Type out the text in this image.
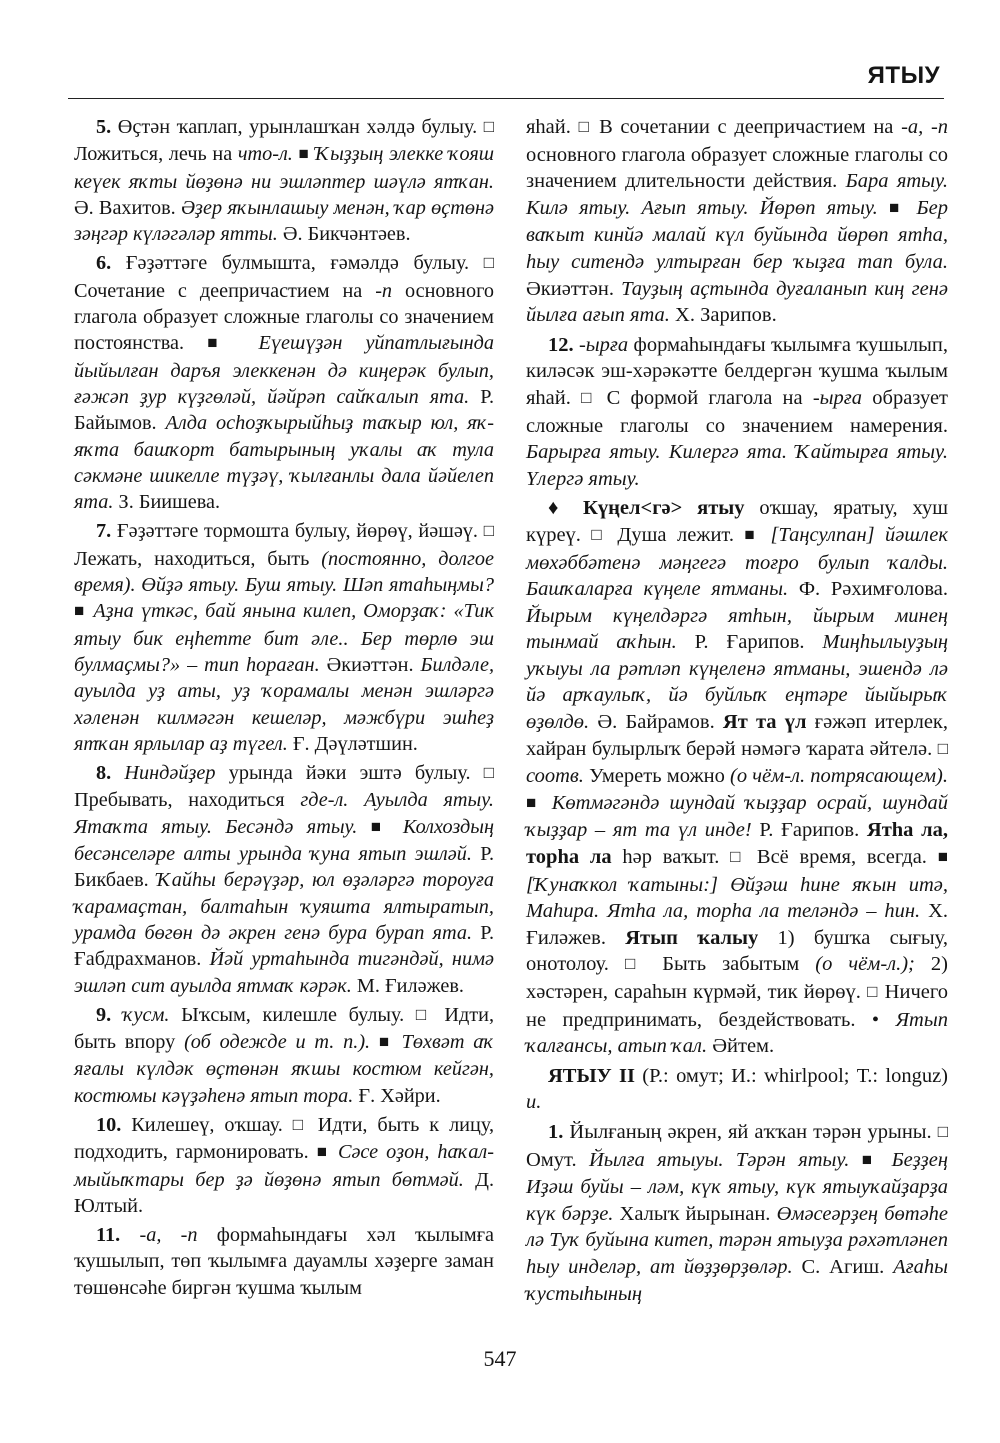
ЯТЫУ

5. Өҫтән ҡаплап, урынлашҡан хәлдә булыу. □ Ложиться, лечь на что-л. ■ Ҡыҙҙың элекке ҡояш кеүек яҡты йөҙөнә ни эшләптер шәүлә ятҡан. Ә. Вахитов. Әҙер яҡынлашыу менән, ҡар өҫтөнә зәңгәр күләгәләр ятты. Ә. Бикчәнтәев.

6. Ғәҙәттәге булмышта, ғәмәлдә булыу. □ Сочетание с деепричастием на -п основного глагола образует сложные глаголы со значением постоянства. ■ Еүешүҙән уйпатлығында йыйылған даръя элеккенән дә киңерәк булып, ғәжәп ҙур күҙгөләй, йәйрәп сайҡалып ята. Р. Байымов. Алда осһоҙҡырыйһыҙ таҡыр юл, яҡ-яҡта башҡорт батырының уҡалы аҡ тула сәкмәне шикелле түҙәү, ҡылғанлы дала йәйелеп ята. З. Биишева.

7. Ғәҙәттәге тормошта булыу, йөрөү, йәшәү. □ Лежать, находиться, быть (постоянно, долгое время). Өйҙә ятыу. Буш ятыу. Шәп ятаһыңмы? ■ Аҙна үткәс, бай янына килеп, Оморҙаҡ: «Тик ятыу бик еңһетте бит әле.. Бер төрлө эш булмаҫмы?» – тип һораған. Әкиәттән. Билдәле, ауылда уҙ аты, уҙ ҡорамалы менән эшләргә хәленән килмәгән кешеләр, мәжбүри эшһеҙ ятҡан ярлылар аҙ түгел. Ғ. Дәүләтшин.

8. Ниндәйҙер урында йәки эштә булыу. □ Пребывать, находиться где-л. Ауылда ятыу. Ятаҡта ятыу. Бесәндә ятыу. ■ Колхоздың бесәнселәре алты урында ҡуна ятып эшләй. Р. Бикбаев. Ҡайһы берәүҙәр, юл өҙәләргә тороуға ҡарамаҫтан, балтаһын ҡуяшта ялтыратып, урамда бөгөн дә әкрен генә бура бурап ята. Р. Ғабдрахманов. Йәй уртаһында тигәндәй, нимә эшләп сит ауылда ятмаҡ кәрәк. М. Ғиләжев.

9. ҡусм. Ыҡсым, килешле булыу. □ Идти, быть впору (об одежде и т. п.). ■ Төхвәт аҡ яғалы күлдәк өҫтөнән яҡшы костюм кейгән, костюмы кәүҙәһенә ятып тора. Ғ. Хәйри.

10. Килешеү, оҡшау. □ Идти, быть к лицу, подходить, гармонировать. ■ Сәсе оҙон, һаҡал-мыйыҡтары бер ҙә йөҙөнә ятып бөтмәй. Д. Юлтый.

11. -а, -п формаһындағы хәл ҡылымға ҡушылып, төп ҡылымға дауамлы хәҙерге заман төшөнсәһе биргән ҡушма ҡылым

яһай. □ В сочетании с деепричастием на -а, -п основного глагола образует сложные глаголы со значением длительности действия. Бара ятыу. Килә ятыу. Ағып ятыу. Йөрөп ятыу. ■ Бер ваҡыт кинйә малай күл буйында йөрөп ятһа, һыу ситендә ултырған бер ҡыҙға тап була. Әкиәттән. Тауҙың аҫтында дуғаланып киң генә йылға ағып ята. Х. Зарипов.

12. -ырға формаһындағы ҡылымға ҡушылып, киләсәк эш-хәрәкәтте белдергән ҡушма ҡылым яһай. □ С формой глагола на -ырға образует сложные глаголы со значением намерения. Барырға ятыу. Килергә ята. Ҡайтырға ятыу. Үлергә ятыу.

♦ Күңел<гә> ятыу оҡшау, яратыу, хуш күреү. □ Душа лежит. ■ [Таңсулпан] йәшлек мөхәббәтенә мәңгегә тоғро булып ҡалды. Башҡаларға күңеле ятманы. Ф. Рәхимғолова. Йырым күңелдәргә ятһын, йырым минең тынмай аҡһын. Р. Ғарипов. Миңһылыуҙың уҡыуы ла рәтләп күңеленә ятманы, эшендә лә йә арҡаулыҡ, йә буйлыҡ еңтәре йыйырыҡ өҙөлдө. Ә. Байрамов. Ят та үл ғәжәп итерлек, хайран булырлыҡ берәй нәмәгә ҡарата әйтелә. □ соотв. Умереть можно (о чём-л. потрясающем). ■ Көтмәгәндә шундай ҡыҙҙар осрай, шундай ҡыҙҙар – ят та үл инде! Р. Ғарипов. Ятһа ла, торһа ла һәр ваҡыт. □ Всё время, всегда. ■ [Ҡунаҡкол ҡатыны:] Өйҙәш һине яҡын итә, Маһира. Ятһа ла, торһа ла теләндә – һин. Х. Ғиләжев. Ятып ҡалыу 1) бушҡа сығыу, онотолоу. □ Быть забытым (о чём-л.); 2) хәстәрен, сараһын күрмәй, тик йөрөү. □ Ничего не предпринимать, бездействовать. • Ятып ҡалғансы, атып ҡал. Әйтем.

ЯТЫУ II (Р.: омут; И.: whirlpool; Т.: longuz) и.

1. Йылғаның әкрен, яй аҡҡан тәрән урыны. □ Омут. Йылға ятыуы. Тәрән ятыу. ■ Беҙҙең Иҙәш буйы – ләм, күк ятыу, күк ятыуҡайҙарҙа күк бәрҙе. Халыҡ йырынан. Өмәсеәрҙең бөтәһе лә Туҡ буйына китеп, тәрән ятыуҙа рәхәтләнеп һыу инделәр, ат йөҙҙөрҙөләр. С. Агиш. Ағаһы ҡустыһының

547
